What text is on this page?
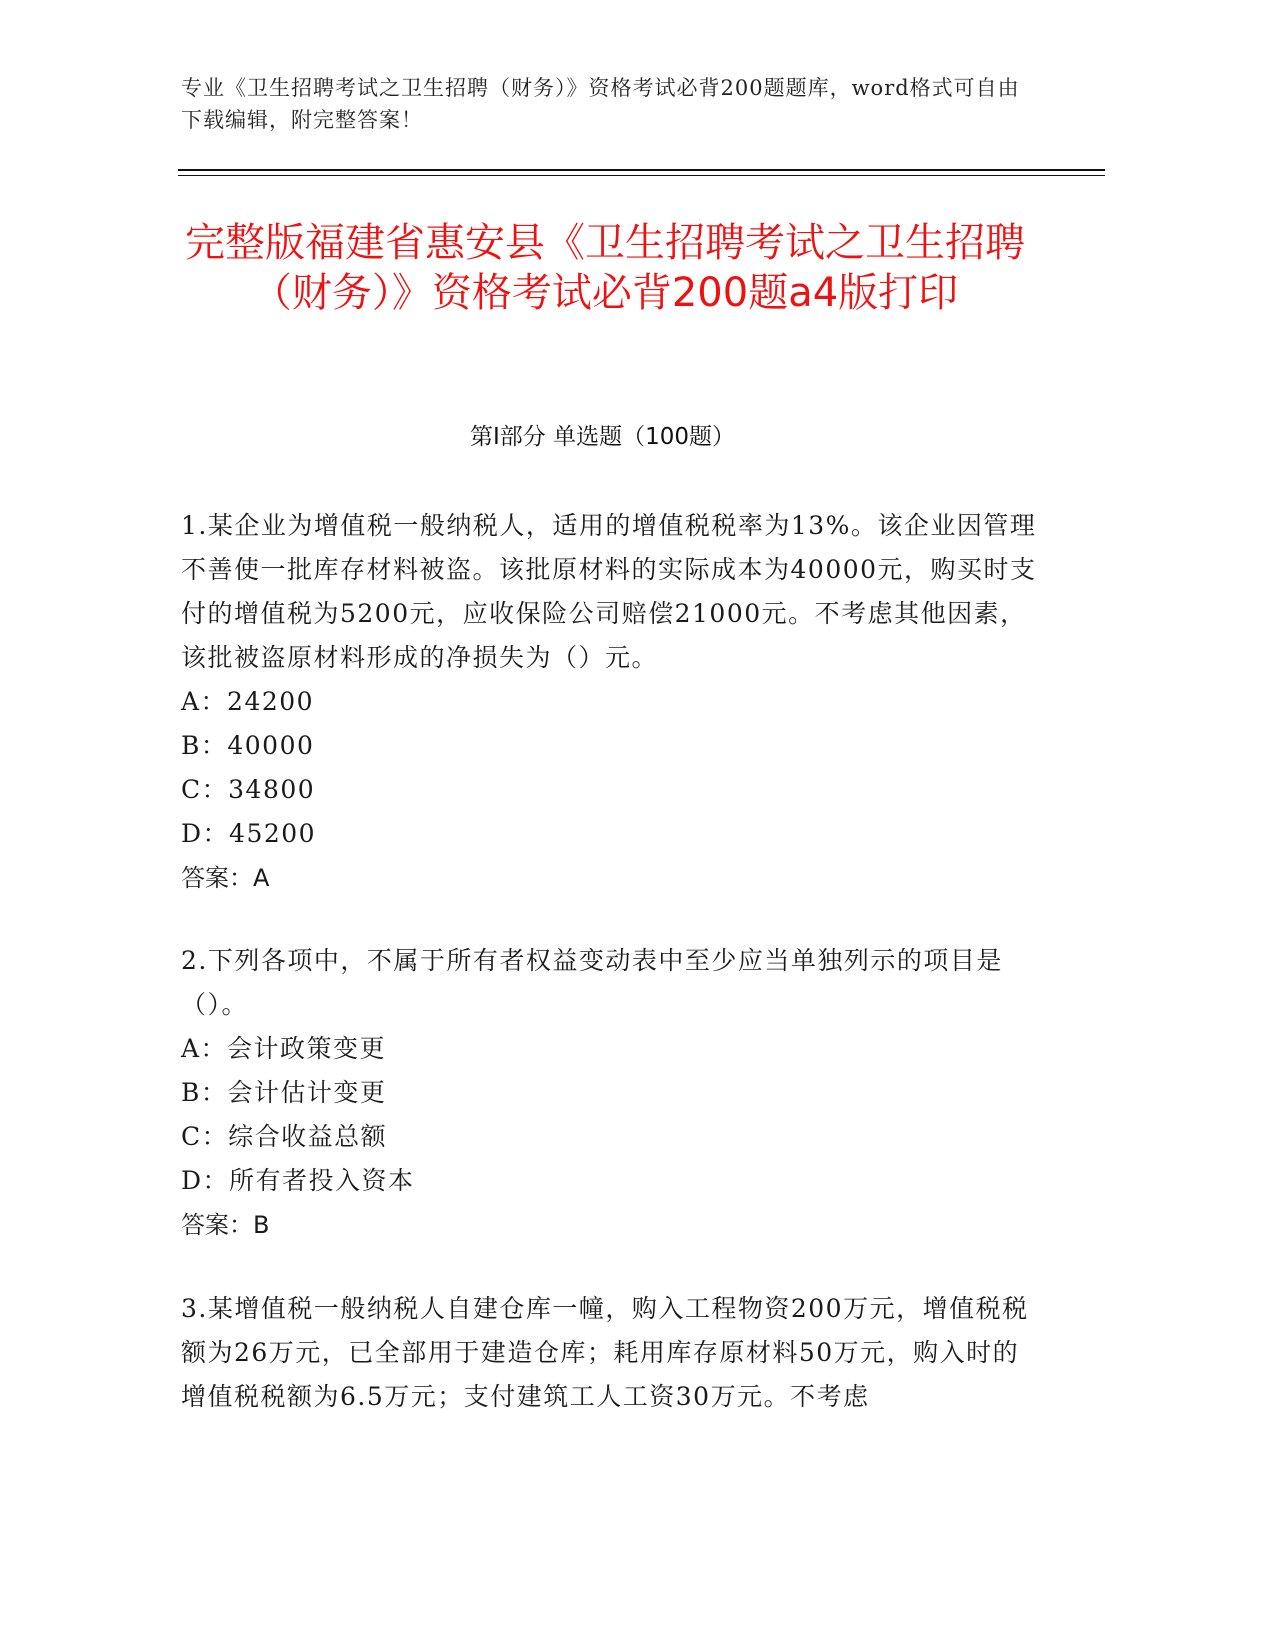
专业《卫生招聘考试之卫生招聘（财务）》资格考试必背200题题库，word格式可自由下载编辑，附完整答案！
完整版福建省惠安县《卫生招聘考试之卫生招聘（财务）》资格考试必背200题a4版打印
第I部分 单选题（100题）

1.某企业为增值税一般纳税人，适用的增值税税率为13%。该企业因管理不善使一批库存材料被盗。该批原材料的实际成本为40000元，购买时支付的增值税为5200元，应收保险公司赔偿21000元。不考虑其他因素，该批被盗原材料形成的净损失为（）元。

A：24200

B：40000

C：34800

D：45200

答案：A

2.下列各项中，不属于所有者权益变动表中至少应当单独列示的项目是（）。

A：会计政策变更

B：会计估计变更

C：综合收益总额

D：所有者投入资本

答案：B

3.某增值税一般纳税人自建仓库一幢，购入工程物资200万元，增值税税额为26万元，已全部用于建造仓库；耗用库存原材料50万元，购入时的增值税税额为6.5万元；支付建筑工人工资30万元。不考虑
